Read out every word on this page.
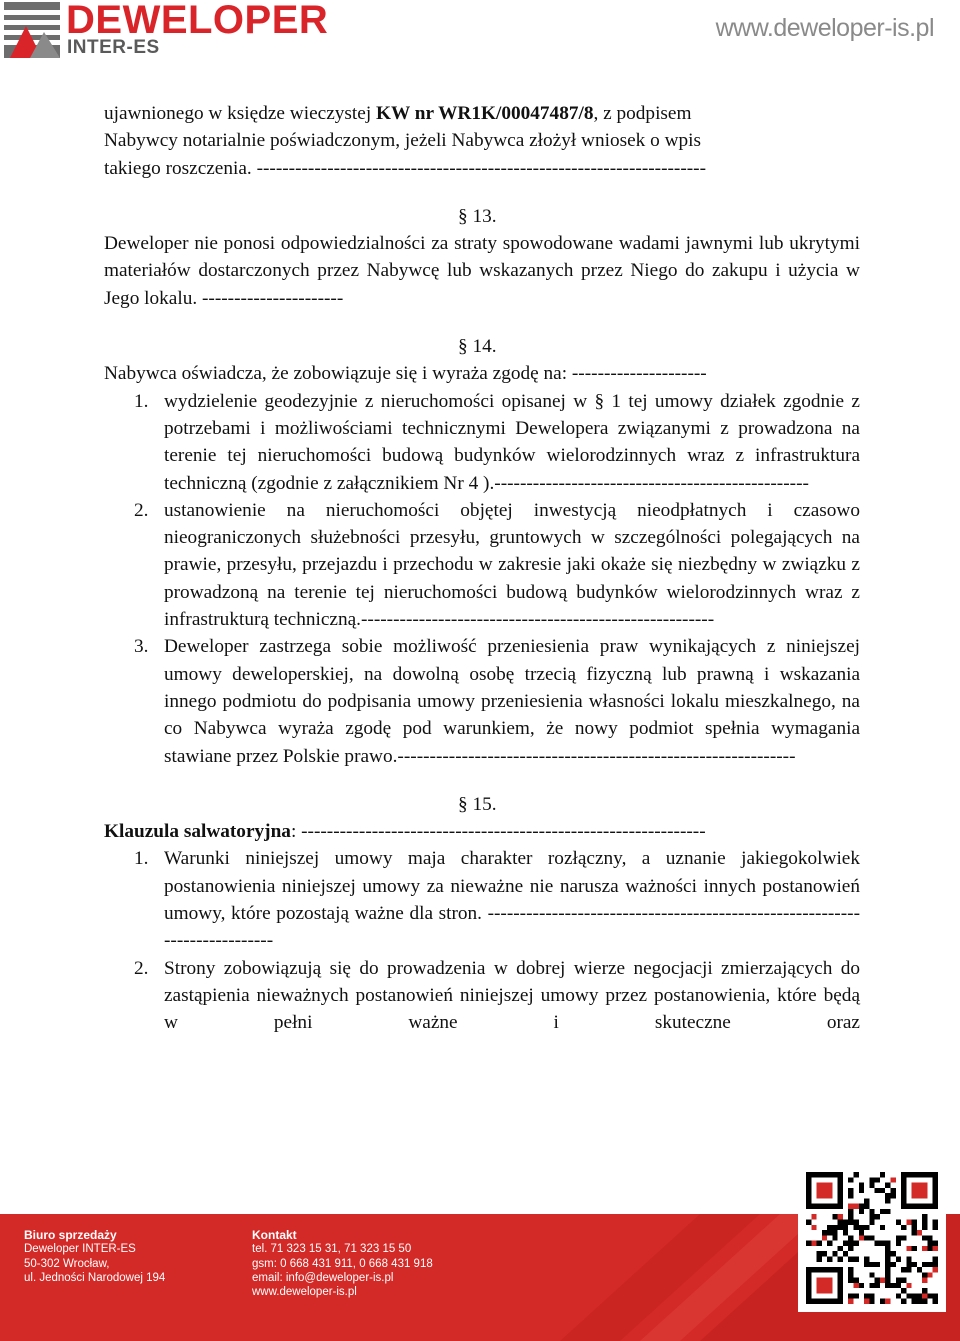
DEWELOPER
INTER-ES
www.deweloper-is.pl
ujawnionego w księdze wieczystej KW nr WR1K/00047487/8, z podpisem
Nabywcy notarialnie poświadczonym, jeżeli Nabywca złożył wniosek o wpis
takiego roszczenia. ----------------------------------------------------------------------
§ 13.
Deweloper nie ponosi odpowiedzialności za straty spowodowane wadami jawnymi lub ukrytymi materiałów dostarczonych przez Nabywcę lub wskazanych przez Niego do zakupu i użycia w Jego lokalu. ----------------------
§ 14.
Nabywca oświadcza, że zobowiązuje się i wyraża zgodę na: ---------------------
1. wydzielenie geodezyjnie z nieruchomości opisanej w § 1 tej umowy działek zgodnie z potrzebami i możliwościami technicznymi Dewelopera związanymi z prowadzona na terenie tej nieruchomości budową budynków wielorodzinnych wraz z infrastruktura techniczną (zgodnie z załącznikiem Nr 4 ).-------------------------------------------------
2. ustanowienie na nieruchomości objętej inwestycją nieodpłatnych i czasowo nieograniczonych służebności przesyłu, gruntowych w szczególności polegających na prawie, przesyłu, przejazdu i przechodu w zakresie jaki okaże się niezbędny w związku z prowadzoną na terenie tej nieruchomości budową budynków wielorodzinnych wraz z infrastrukturą techniczną.-------------------------------------------------------
3. Deweloper zastrzega sobie możliwość przeniesienia praw wynikających z niniejszej umowy deweloperskiej, na dowolną osobę trzecią fizyczną lub prawną i wskazania innego podmiotu do podpisania umowy przeniesienia własności lokalu mieszkalnego, na co Nabywca wyraża zgodę pod warunkiem, że nowy podmiot spełnia wymagania stawiane przez Polskie prawo.--------------------------------------------------------------
§ 15.
Klauzula salwatoryjna: ---------------------------------------------------------------
1. Warunki niniejszej umowy maja charakter rozłączny, a uznanie jakiegokolwiek postanowienia niniejszej umowy za nieważne nie narusza ważności innych postanowień umowy, które pozostają ważne dla stron. ---------------------------------------------------------------------------
2. Strony zobowiązują się do prowadzenia w dobrej wierze negocjacji zmierzających do zastąpienia nieważnych postanowień niniejszej umowy przez postanowienia, które będą w pełni ważne i skuteczne oraz
Biuro sprzedaży
Deweloper INTER-ES
50-302 Wrocław,
ul. Jedności Narodowej 194
Kontakt
tel. 71 323 15 31, 71 323 15 50
gsm: 0 668 431 911, 0 668 431 918
email: info@deweloper-is.pl
www.deweloper-is.pl
